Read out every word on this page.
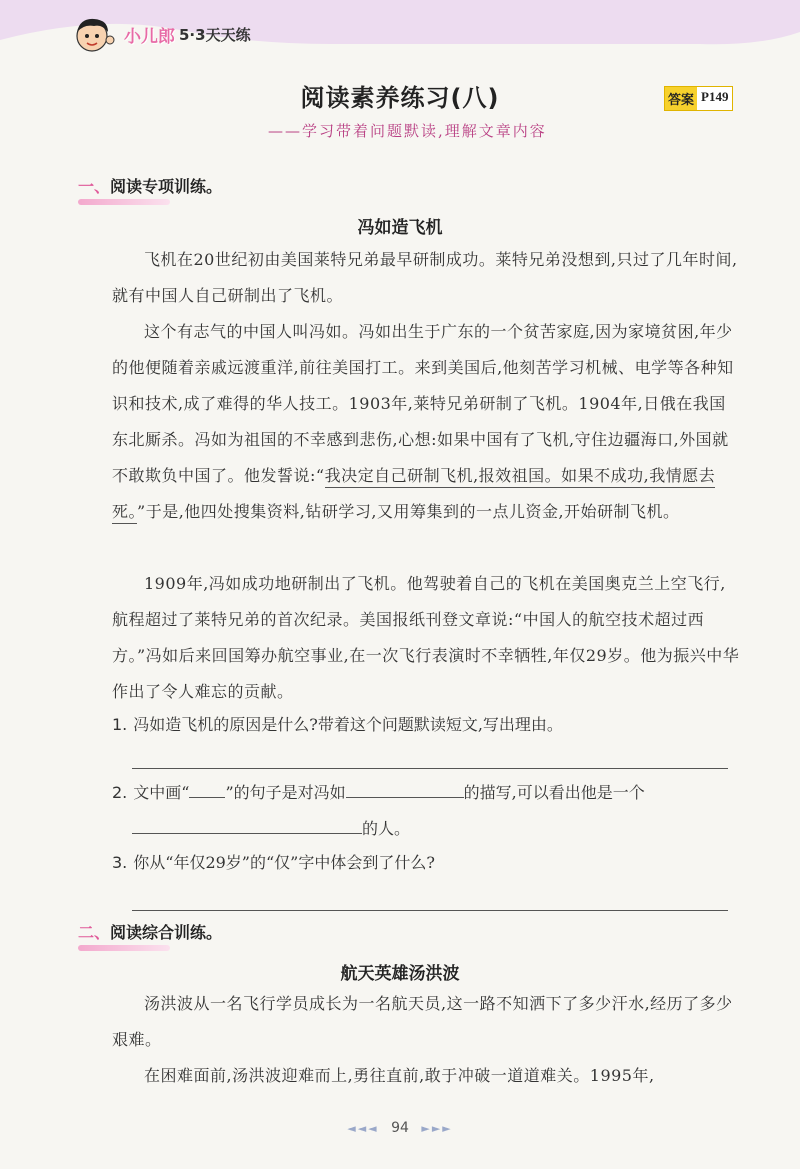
小儿郎 5·3天天练
阅读素养练习(八)	答案 P149
——学习带着问题默读,理解文章内容
一、阅读专项训练。
冯如造飞机

飞机在20世纪初由美国莱特兄弟最早研制成功。莱特兄弟没想到,只过了几年时间,就有中国人自己研制出了飞机。

这个有志气的中国人叫冯如。冯如出生于广东的一个贫苦家庭,因为家境贫困,年少的他便随着亲戚远渡重洋,前往美国打工。来到美国后,他刻苦学习机械、电学等各种知识和技术,成了难得的华人技工。1903年,莱特兄弟研制了飞机。1904年,日俄在我国东北厮杀。冯如为祖国的不幸感到悲伤,心想:如果中国有了飞机,守住边疆海口,外国就不敢欺负中国了。他发誓说:“我决定自己研制飞机,报效祖国。如果不成功,我情愿去死。”于是,他四处搜集资料,钻研学习,又用筹集到的一点儿资金,开始研制飞机。

1909年,冯如成功地研制出了飞机。他驾驶着自己的飞机在美国奥克兰上空飞行,航程超过了莱特兄弟的首次纪录。美国报纸刊登文章说:“中国人的航空技术超过西方。”冯如后来回国筹办航空事业,在一次飞行表演时不幸牺牲,年仅29岁。他为振兴中华作出了令人难忘的贡献。

1. 冯如造飞机的原因是什么?带着这个问题默读短文,写出理由。
2. 文中画“ ”的句子是对冯如	的描写,可以看出他是一个
的人。
3. 你从“年仅29岁”的“仅”字中体会到了什么?
二、阅读综合训练。
航天英雄汤洪波

汤洪波从一名飞行学员成长为一名航天员,这一路不知洒下了多少汗水,经历了多少艰难。

在困难面前,汤洪波迎难而上,勇往直前,敢于冲破一道道难关。1995年,

◄◄◄ 94 ►►►
